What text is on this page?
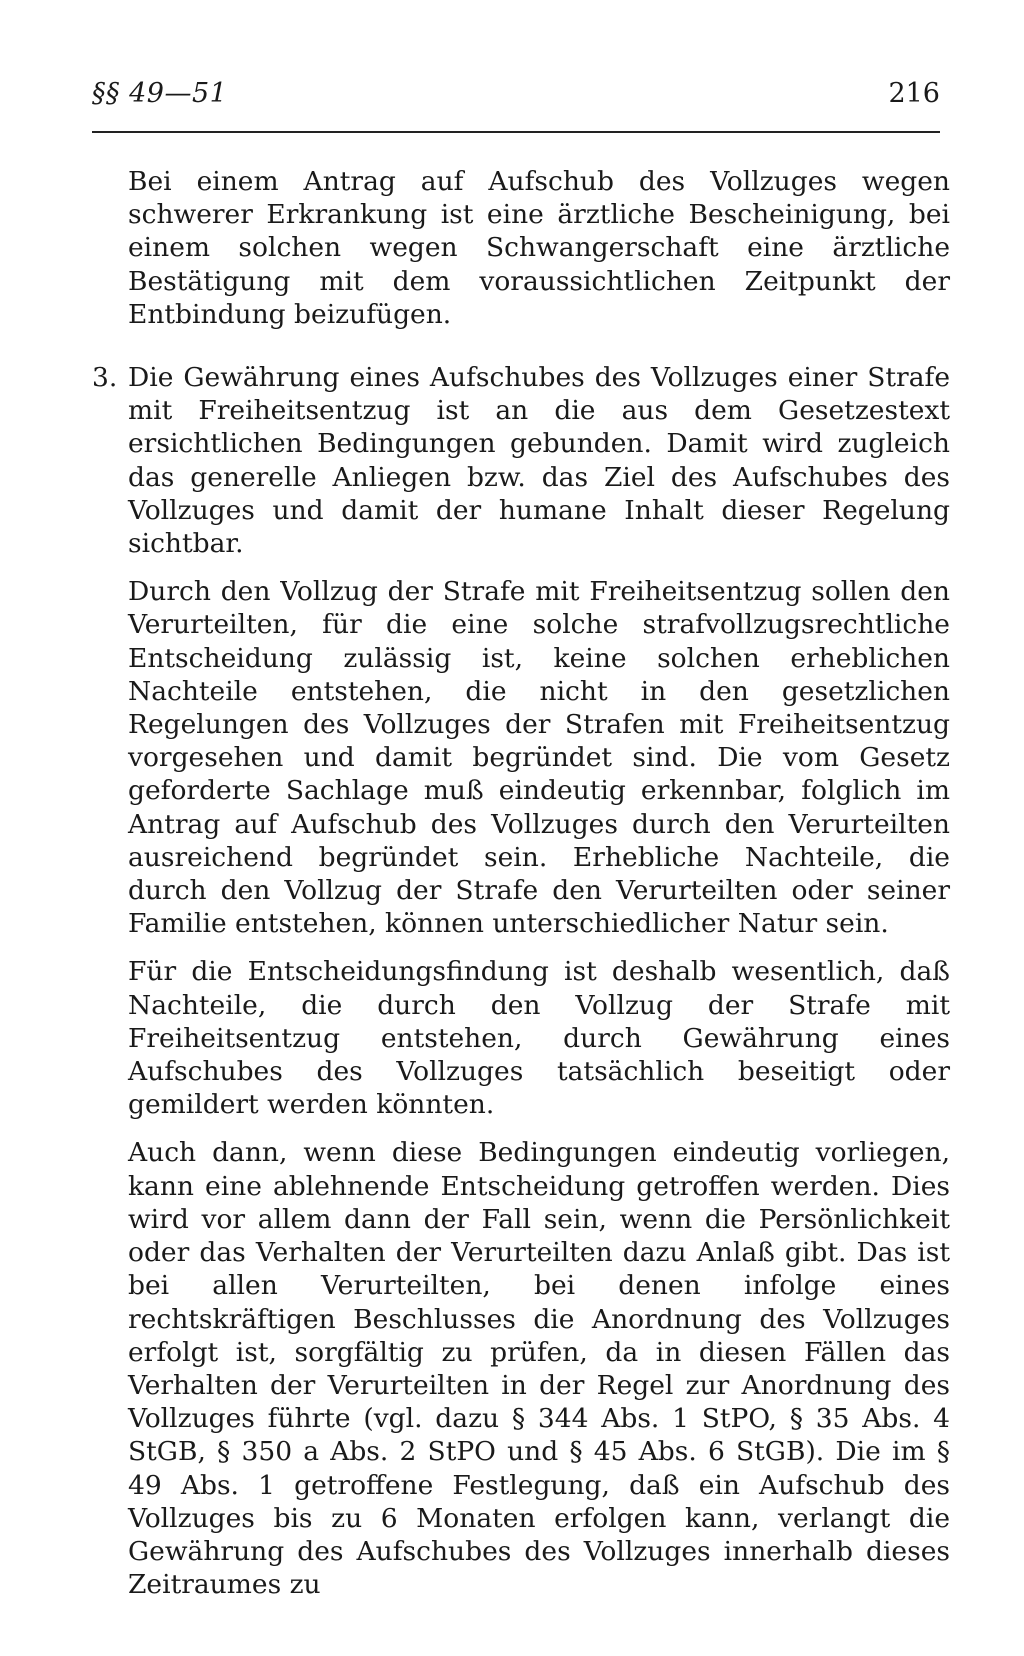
§§ 49—51	216

Bei einem Antrag auf Aufschub des Vollzuges wegen schwerer Erkrankung ist eine ärztliche Bescheinigung, bei einem solchen wegen Schwangerschaft eine ärztliche Bestätigung mit dem voraussichtlichen Zeitpunkt der Entbindung beizufügen.

3. Die Gewährung eines Aufschubes des Vollzuges einer Strafe mit Freiheitsentzug ist an die aus dem Gesetzestext ersichtlichen Bedingungen gebunden. Damit wird zugleich das generelle Anliegen bzw. das Ziel des Aufschubes des Vollzuges und damit der humane Inhalt dieser Regelung sichtbar.

Durch den Vollzug der Strafe mit Freiheitsentzug sollen den Verurteilten, für die eine solche strafvollzugsrechtliche Entscheidung zulässig ist, keine solchen erheblichen Nachteile entstehen, die nicht in den gesetzlichen Regelungen des Vollzuges der Strafen mit Freiheitsentzug vorgesehen und damit begründet sind. Die vom Gesetz geforderte Sachlage muß eindeutig erkennbar, folglich im Antrag auf Aufschub des Vollzuges durch den Verurteilten ausreichend begründet sein. Erhebliche Nachteile, die durch den Vollzug der Strafe den Verurteilten oder seiner Familie entstehen, können unterschiedlicher Natur sein.

Für die Entscheidungsfindung ist deshalb wesentlich, daß Nachteile, die durch den Vollzug der Strafe mit Freiheitsentzug entstehen, durch Gewährung eines Aufschubes des Vollzuges tatsächlich beseitigt oder gemildert werden könnten.

Auch dann, wenn diese Bedingungen eindeutig vorliegen, kann eine ablehnende Entscheidung getroffen werden. Dies wird vor allem dann der Fall sein, wenn die Persönlichkeit oder das Verhalten der Verurteilten dazu Anlaß gibt. Das ist bei allen Verurteilten, bei denen infolge eines rechtskräftigen Beschlusses die Anordnung des Vollzuges erfolgt ist, sorgfältig zu prüfen, da in diesen Fällen das Verhalten der Verurteilten in der Regel zur Anordnung des Vollzuges führte (vgl. dazu § 344 Abs. 1 StPO, § 35 Abs. 4 StGB, § 350 a Abs. 2 StPO und § 45 Abs. 6 StGB). Die im § 49 Abs. 1 getroffene Festlegung, daß ein Aufschub des Vollzuges bis zu 6 Monaten erfolgen kann, verlangt die Gewährung des Aufschubes des Vollzuges innerhalb dieses Zeitraumes zu
